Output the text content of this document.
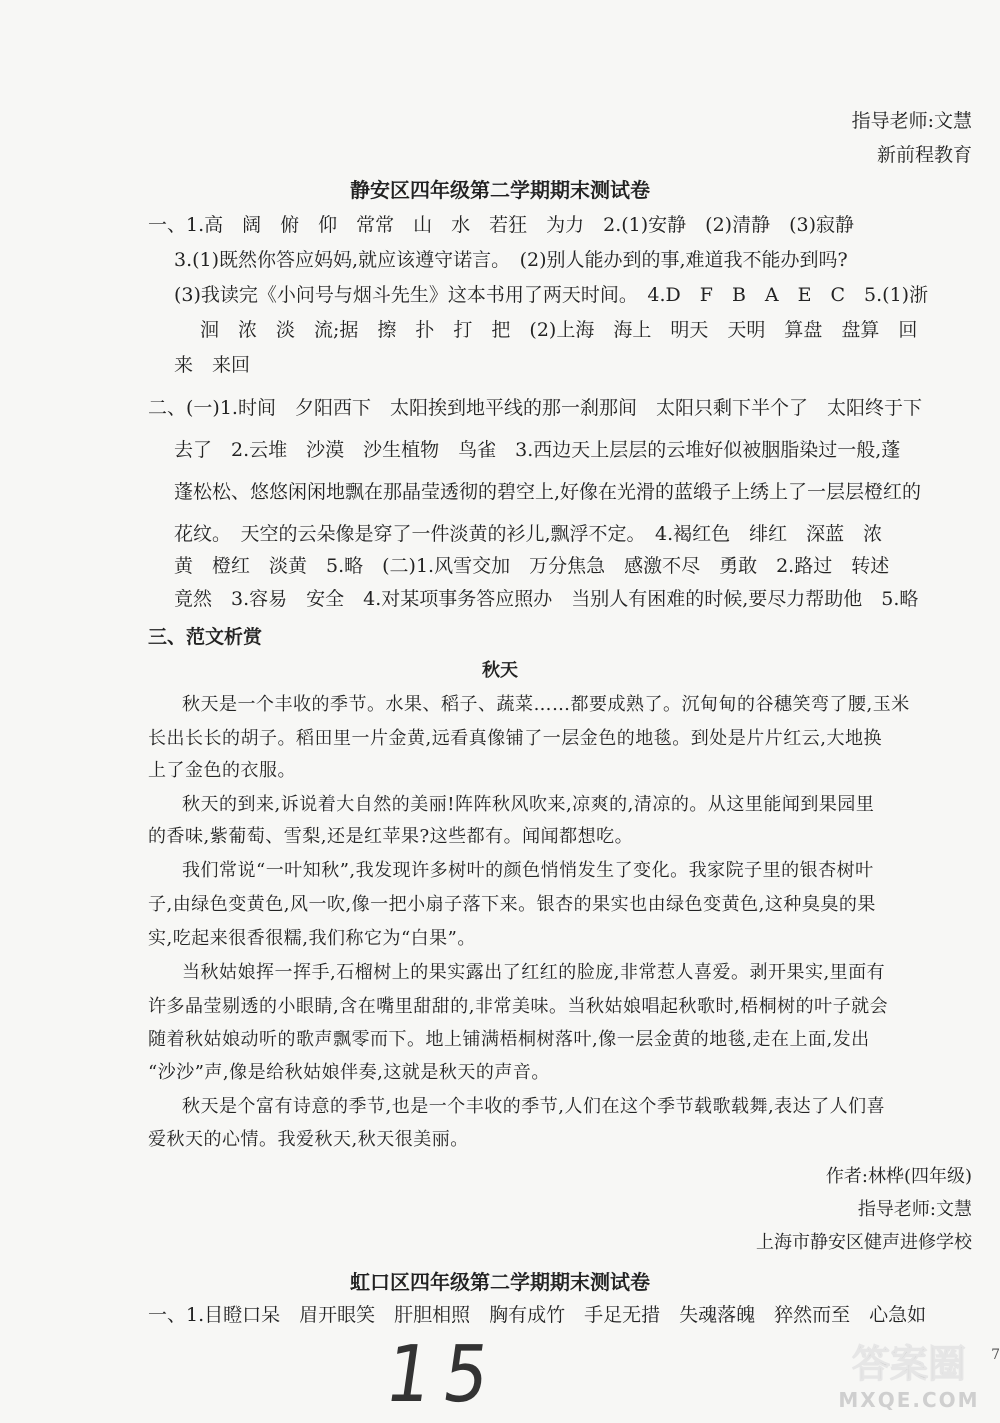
指导老师:文慧
新前程教育
静安区四年级第二学期期末测试卷
一、1.高　阔　俯　仰　常常　山　水　若狂　为力　2.(1)安静　(2)清静　(3)寂静
3.(1)既然你答应妈妈,就应该遵守诺言。　(2)别人能办到的事,难道我不能办到吗?
(3)我读完《小问号与烟斗先生》这本书用了两天时间。　4.D　F　B　A　E　C　5.(1)浙
洄　浓　淡　流;据　擦　扑　打　把　(2)上海　海上　明天　天明　算盘　盘算　回
来　来回
二、(一)1.时间　夕阳西下　太阳挨到地平线的那一刹那间　太阳只剩下半个了　太阳终于下
去了　2.云堆　沙漠　沙生植物　鸟雀　3.西边天上层层的云堆好似被胭脂染过一般,蓬
蓬松松、悠悠闲闲地飘在那晶莹透彻的碧空上,好像在光滑的蓝缎子上绣上了一层层橙红的
花纹。　天空的云朵像是穿了一件淡黄的衫儿,飘浮不定。　4.褐红色　绯红　深蓝　浓
黄　橙红　淡黄　5.略　(二)1.风雪交加　万分焦急　感激不尽　勇敢　2.路过　转述
竟然　3.容易　安全　4.对某项事务答应照办　当别人有困难的时候,要尽力帮助他　5.略
三、范文析赏
秋天
秋天是一个丰收的季节。水果、稻子、蔬菜……都要成熟了。沉甸甸的谷穗笑弯了腰,玉米
长出长长的胡子。稻田里一片金黄,远看真像铺了一层金色的地毯。到处是片片红云,大地换
上了金色的衣服。
秋天的到来,诉说着大自然的美丽!阵阵秋风吹来,凉爽的,清凉的。从这里能闻到果园里
的香味,紫葡萄、雪梨,还是红苹果?这些都有。闻闻都想吃。
我们常说“一叶知秋”,我发现许多树叶的颜色悄悄发生了变化。我家院子里的银杏树叶
子,由绿色变黄色,风一吹,像一把小扇子落下来。银杏的果实也由绿色变黄色,这种臭臭的果
实,吃起来很香很糯,我们称它为“白果”。
当秋姑娘挥一挥手,石榴树上的果实露出了红红的脸庞,非常惹人喜爱。剥开果实,里面有
许多晶莹剔透的小眼睛,含在嘴里甜甜的,非常美味。当秋姑娘唱起秋歌时,梧桐树的叶子就会
随着秋姑娘动听的歌声飘零而下。地上铺满梧桐树落叶,像一层金黄的地毯,走在上面,发出
“沙沙”声,像是给秋姑娘伴奏,这就是秋天的声音。
秋天是个富有诗意的季节,也是一个丰收的季节,人们在这个季节载歌载舞,表达了人们喜
爱秋天的心情。我爱秋天,秋天很美丽。
作者:林桦(四年级)
指导老师:文慧
上海市静安区健声进修学校
虹口区四年级第二学期期末测试卷
一、1.目瞪口呆　眉开眼笑　肝胆相照　胸有成竹　手足无措　失魂落魄　猝然而至　心急如
15	7
答案圈
MXQE.COM
